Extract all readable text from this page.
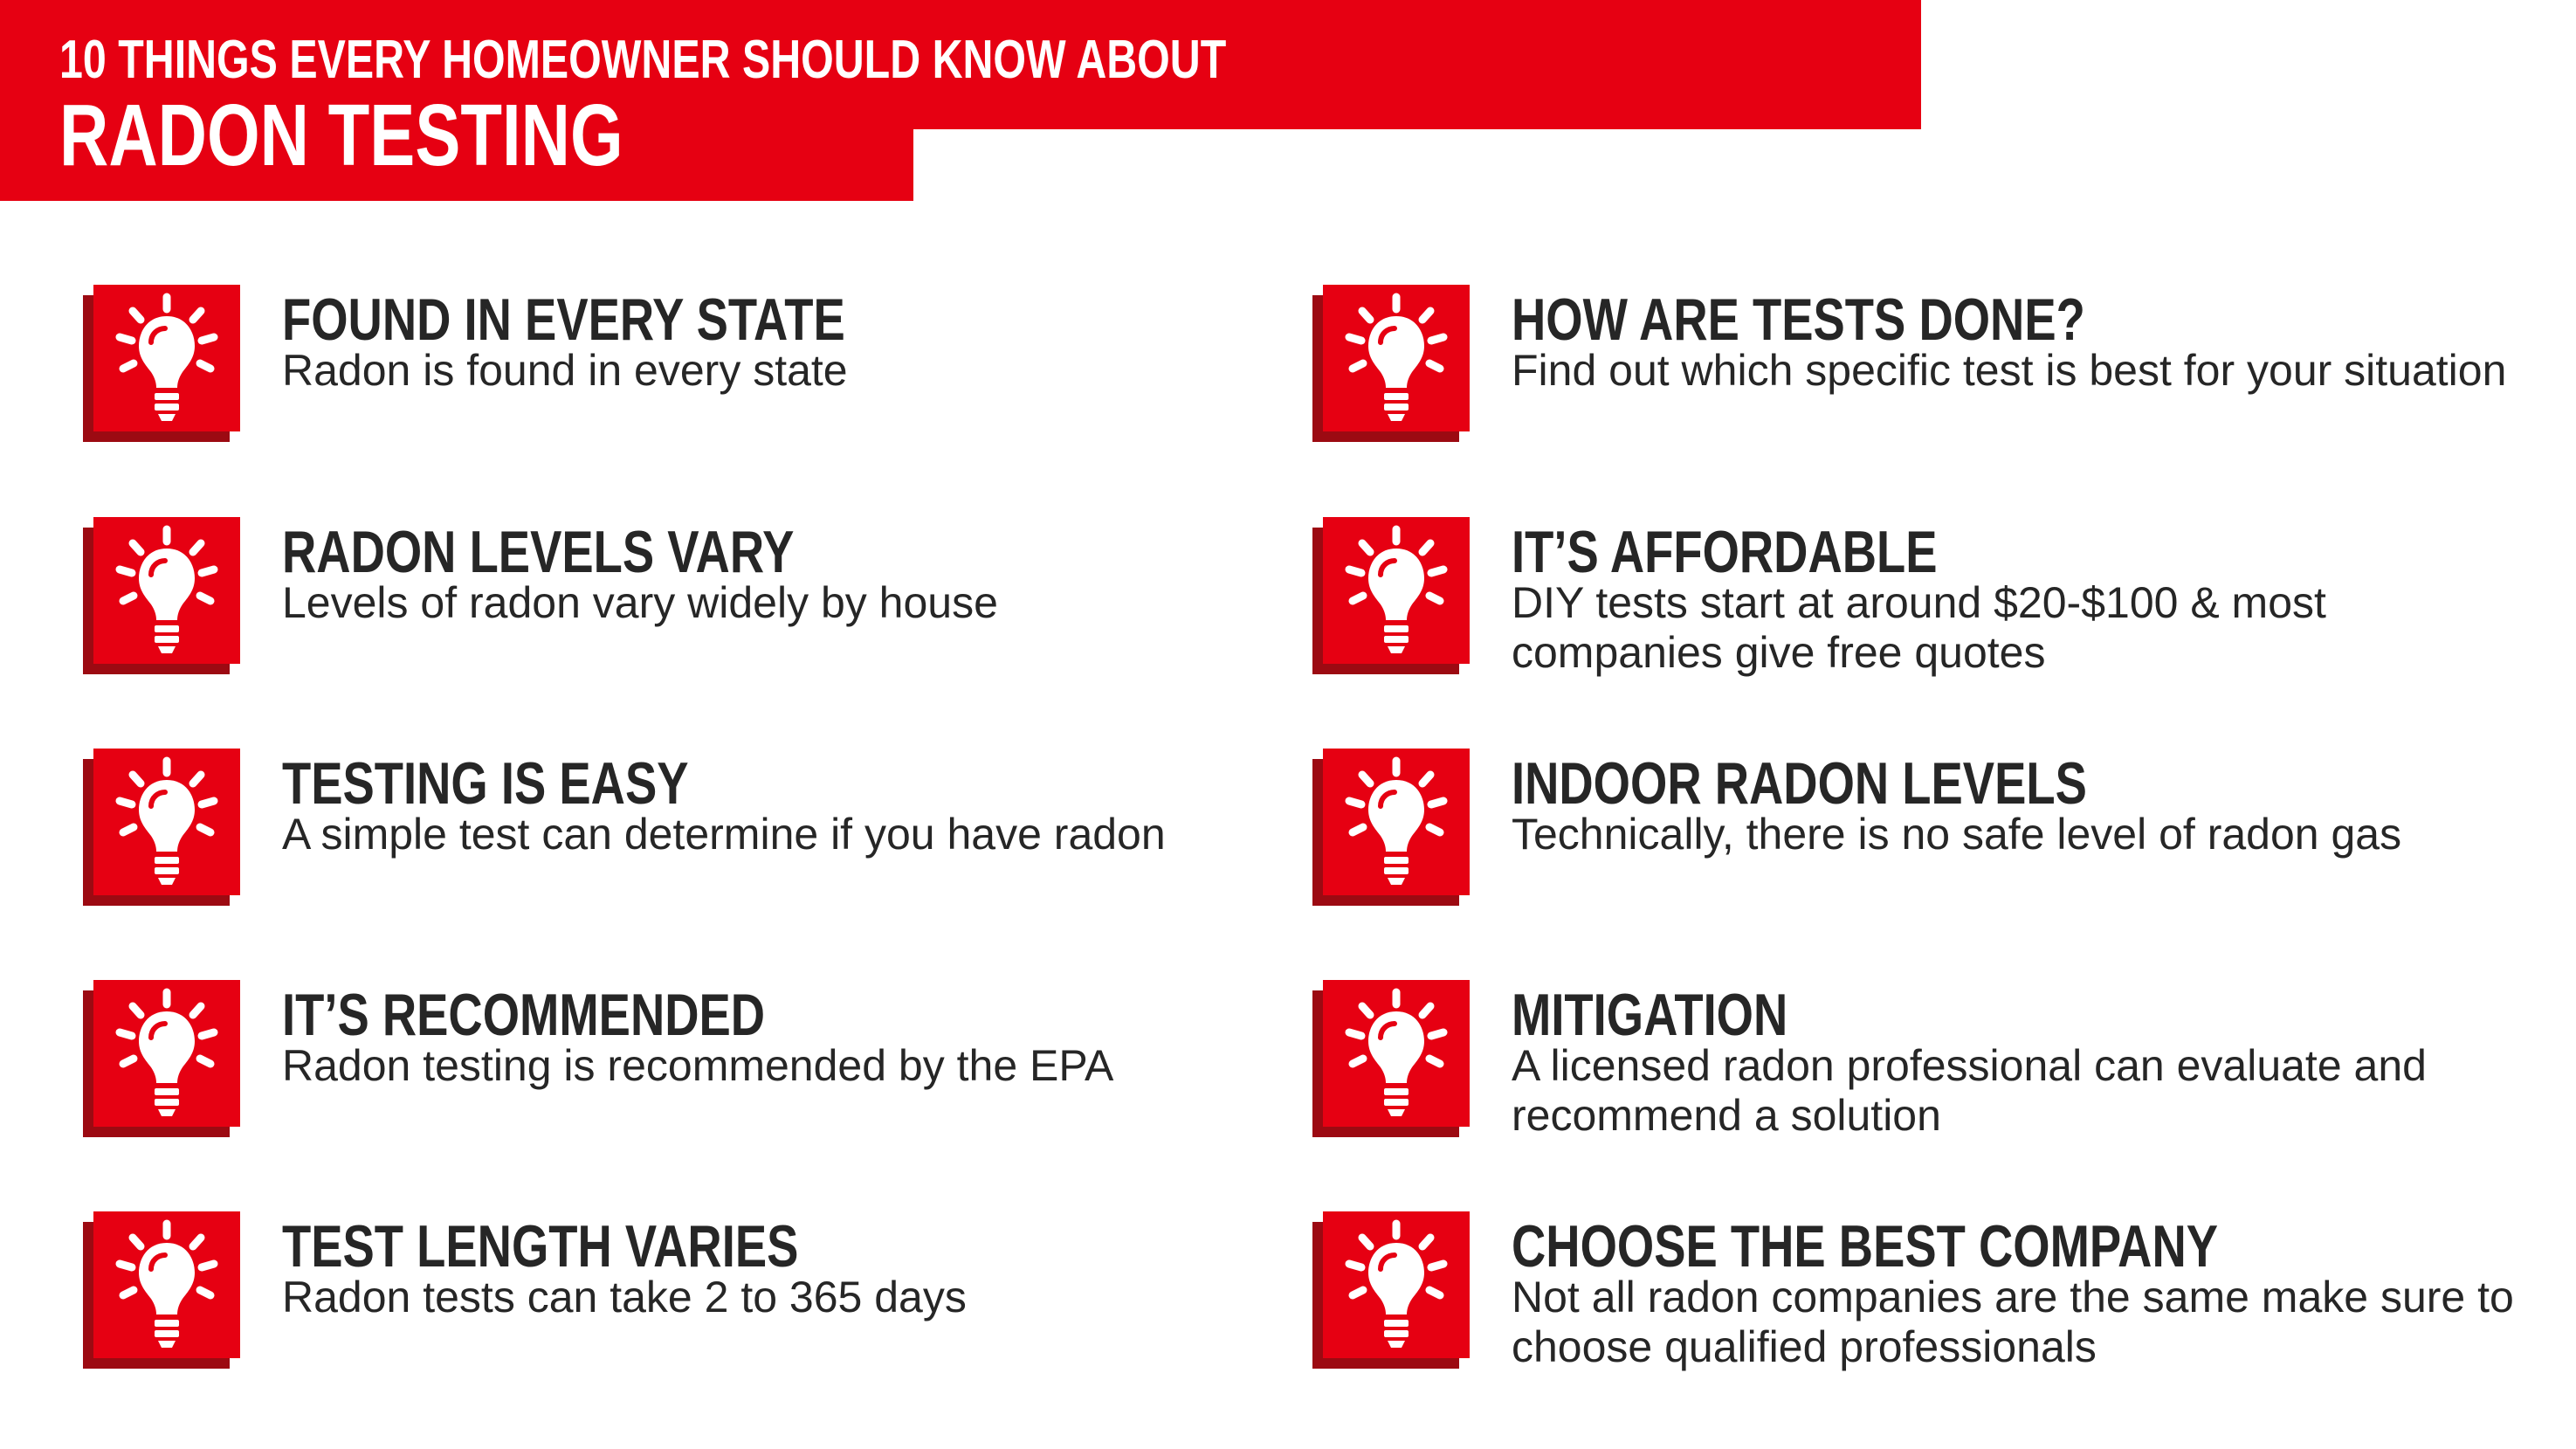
10 THINGS EVERY HOMEOWNER SHOULD KNOW ABOUT
RADON TESTING
FOUND IN EVERY STATE
Radon is found in every state
RADON LEVELS VARY
Levels of radon vary widely by house
TESTING IS EASY
A simple test can determine if you have radon
IT’S RECOMMENDED
Radon testing is recommended by the EPA
TEST LENGTH VARIES
Radon tests can take 2 to 365 days
HOW ARE TESTS DONE?
Find out which specific test is best for your situation
IT’S AFFORDABLE
DIY tests start at around $20-$100 & most companies give free quotes
INDOOR RADON LEVELS
Technically, there is no safe level of radon gas
MITIGATION
A licensed radon professional can evaluate and recommend a solution
CHOOSE THE BEST COMPANY
Not all radon companies are the same make sure to choose qualified professionals
